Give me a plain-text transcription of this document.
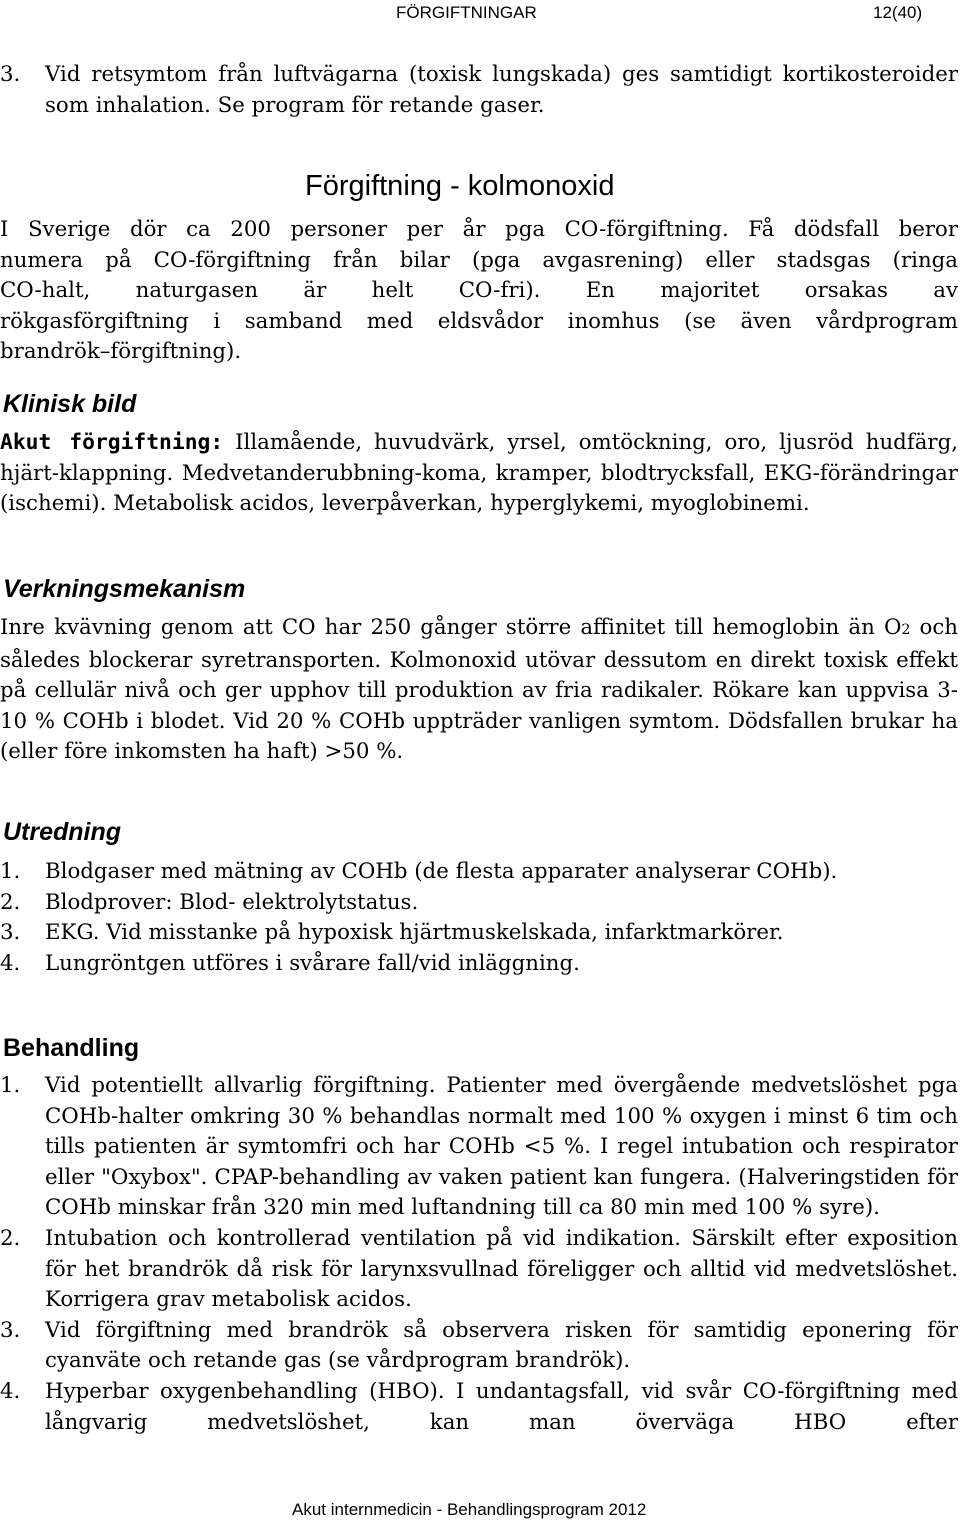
FÖRGIFTNINGAR	12(40)
3.	Vid retsymtom från luftvägarna (toxisk lungskada) ges samtidigt kortikosteroider som inhalation. Se program för retande gaser.
Förgiftning - kolmonoxid
I Sverige dör ca 200 personer per år pga CO-förgiftning. Få dödsfall beror
numera på CO-förgiftning från bilar (pga avgasrening) eller stadsgas (ringa
CO-halt, naturgasen är helt CO-fri). En majoritet orsakas av
rökgasförgiftning i samband med eldsvådor inomhus (se även vårdprogram
brandrök–förgiftning).
Klinisk bild
Akut förgiftning: Illamående, huvudvärk, yrsel, omtöckning, oro, ljusröd hudfärg, hjärt-klappning. Medvetanderubbning-koma, kramper, blodtrycksfall, EKG-förändringar (ischemi). Metabolisk acidos, leverpåverkan, hyperglykemi, myoglobinemi.
Verkningsmekanism
Inre kvävning genom att CO har 250 gånger större affinitet till hemoglobin än O2 och således blockerar syretransporten. Kolmonoxid utövar dessutom en direkt toxisk effekt på cellulär nivå och ger upphov till produktion av fria radikaler. Rökare kan uppvisa 3-10 % COHb i blodet. Vid 20 % COHb uppträder vanligen symtom. Dödsfallen brukar ha (eller före inkomsten ha haft) >50 %.
Utredning
1. Blodgaser med mätning av COHb (de flesta apparater analyserar COHb).
2. Blodprover: Blod- elektrolytstatus.
3. EKG. Vid misstanke på hypoxisk hjärtmuskelskada, infarktmarkörer.
4. Lungröntgen utföres i svårare fall/vid inläggning.
Behandling
1. Vid potentiellt allvarlig förgiftning. Patienter med övergående medvetslöshet pga COHb-halter omkring 30 % behandlas normalt med 100 % oxygen i minst 6 tim och tills patienten är symtomfri och har COHb <5 %. I regel intubation och respirator eller "Oxybox". CPAP-behandling av vaken patient kan fungera. (Halveringstiden för COHb minskar från 320 min med luftandning till ca 80 min med 100 % syre).
2. Intubation och kontrollerad ventilation på vid indikation. Särskilt efter exposition för het brandrök då risk för larynxsvullnad föreligger och alltid vid medvetslöshet. Korrigera grav metabolisk acidos.
3. Vid förgiftning med brandrök så observera risken för samtidig eponering för cyanväte och retande gas (se vårdprogram brandrök).
4. Hyperbar oxygenbehandling (HBO). I undantagsfall, vid svår CO-förgiftning med långvarig medvetslöshet, kan man överväga HBO efter
Akut internmedicin - Behandlingsprogram 2012
